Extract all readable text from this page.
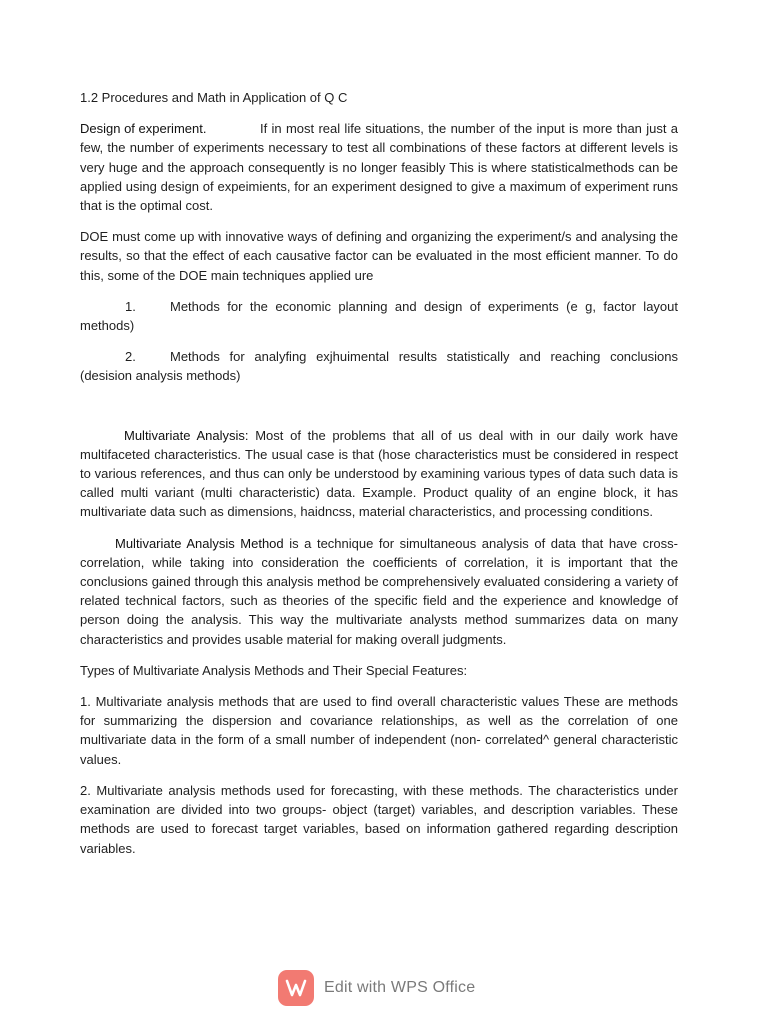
1.2 Procedures and Math in Application of Q C

Design of experiment.	If in most real life situations, the number of the input is more than just a few, the number of experiments necessary to test all combinations of these factors at different levels is very huge and the approach consequently is no longer feasibly This is where statisticalmethods can be applied using design of expeimients, for an experiment designed to give a maximum of experiment runs that is the optimal cost.

DOE must come up with innovative ways of defining and organizing the experiment/s and analysing the results, so that the effect of each causative factor can be evaluated in the most efficient manner. To do this, some of the DOE main techniques applied ure

1.	Methods for the economic planning and design of experiments (e g, factor layout methods)

2.	Methods for analyfing exjhuimental results statistically and reaching conclusions (desision analysis methods)

Multivariate Analysis: Most of the problems that all of us deal with in our daily work have multifaceted characteristics. The usual case is that (hose characteristics must be considered in respect to various references, and thus can only be understood by examining various types of data such data is called multi variant (multi characteristic) data. Example. Product quality of an engine block, it has multivariate data such as dimensions, haidncss, material characteristics, and processing conditions.

Multivariate Analysis Method is a technique for simultaneous analysis of data that have cross- correlation, while taking into consideration the coefficients of correlation, it is important that the conclusions gained through this analysis method be comprehensively evaluated considering a variety of related technical factors, such as theories of the specific field and the experience and knowledge of person doing the analysis. This way the multivariate analysts method summarizes data on many characteristics and provides usable material for making overall judgments.

Types of Multivariate Analysis Methods and Their Special Features:

1. Multivariate analysis methods that are used to find overall characteristic values These are methods for summarizing the dispersion and covariance relationships, as well as the correlation of one multivariate data in the form of a small number of independent (non- correlated^ general characteristic values.

2. Multivariate analysis methods used for forecasting, with these methods. The characteristics under examination are divided into two groups- object (target) variables, and description variables. These methods are used to forecast target variables, based on information gathered regarding description variables.

Edit with WPS Office
